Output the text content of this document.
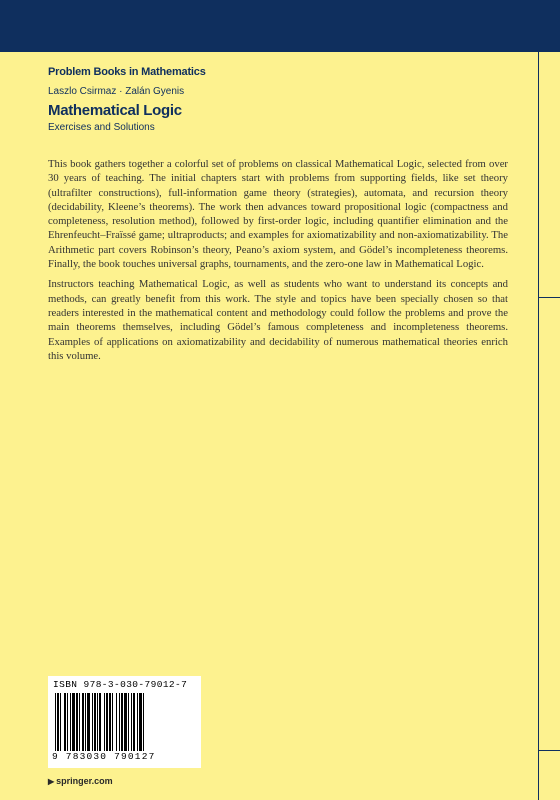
Problem Books in Mathematics
Laszlo Csirmaz · Zalán Gyenis
Mathematical Logic
Exercises and Solutions

This book gathers together a colorful set of problems on classical Mathematical Logic, selected from over 30 years of teaching. The initial chapters start with problems from supporting fields, like set theory (ultrafilter constructions), full-information game theory (strategies), automata, and recursion theory (decidability, Kleene’s theorems). The work then advances toward propositional logic (compactness and completeness, resolution method), followed by first-order logic, including quantifier elimination and the Ehrenfeucht–Fraïssé game; ultraproducts; and examples for axiomatizability and non-axiomatizability. The Arithmetic part covers Robinson’s theory, Peano’s axiom system, and Gödel’s incompleteness theorems. Finally, the book touches universal graphs, tournaments, and the zero-one law in Mathematical Logic.

Instructors teaching Mathematical Logic, as well as students who want to understand its concepts and methods, can greatly benefit from this work. The style and topics have been specially chosen so that readers interested in the mathematical content and methodology could follow the problems and prove the main theorems themselves, including Gödel’s famous completeness and incompleteness theorems. Examples of applications on axiomatizability and decidability of numerous mathematical theories enrich this volume.

ISBN 978-3-030-79012-7
9 783030 790127
▶ springer.com
